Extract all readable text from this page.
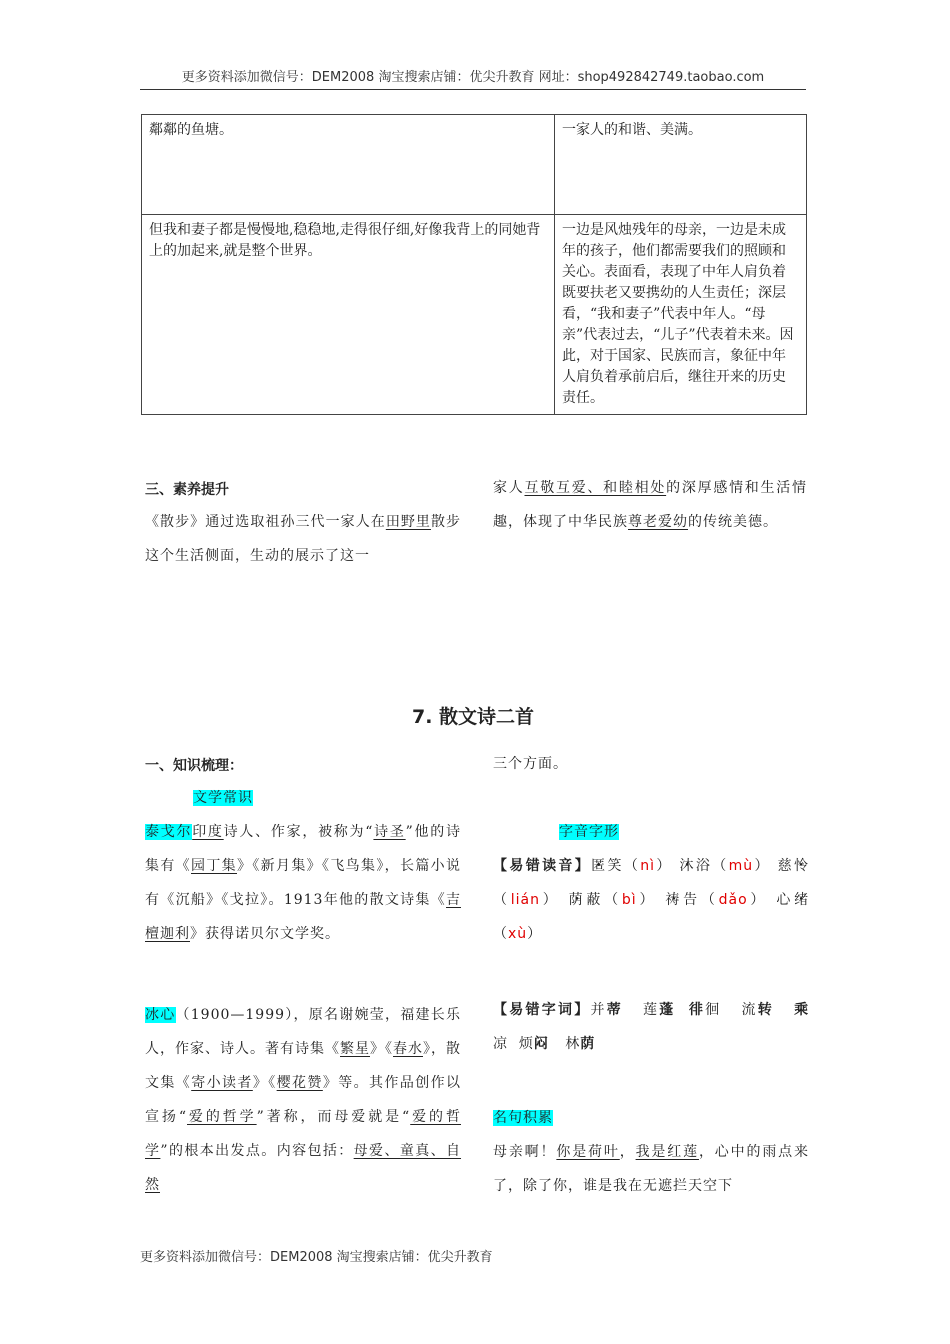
更多资料添加微信号：DEM2008 淘宝搜索店铺：优尖升教育 网址：shop492842749.taobao.com
鄰鄰的鱼塘。	一家人的和谐、美满。
但我和妻子都是慢慢地,稳稳地,走得很仔细,好像我背上的同她背上的加起来,就是整个世界。	一边是风烛残年的母亲，一边是未成年的孩子，他们都需要我们的照顾和关心。表面看，表现了中年人肩负着既要扶老又要携幼的人生责任；深层看，“我和妻子”代表中年人。“母亲”代表过去，“儿子”代表着未来。因此，对于国家、民族而言，象征中年人肩负着承前启后，继往开来的历史责任。
三、素养提升
《散步》通过选取祖孙三代一家人在田野里散步这个生活侧面，生动的展示了这一
家人互敬互爱、和睦相处的深厚感情和生活情趣，体现了中华民族尊老爱幼的传统美德。
7. 散文诗二首
一、知识梳理：
文学常识
泰戈尔印度诗人、作家，被称为“诗圣”他的诗集有《园丁集》《新月集》《飞鸟集》，长篇小说有《沉船》《戈拉》。1913年他的散文诗集《吉檀迦利》获得诺贝尔文学奖。
冰心（1900—1999），原名谢婉莹，福建长乐人，作家、诗人。著有诗集《繁星》《春水》，散文集《寄小读者》《樱花赞》等。其作品创作以宣扬“爱的哲学”著称，而母爱就是“爱的哲学”的根本出发点。内容包括：母爱、童真、自然
三个方面。
字音字形
【易错读音】匿 •笑（nì） 沐 •浴（mù） 慈怜 •（lián） 荫 •蔽（bì） 祷 •告（dǎo） 心绪 •（xù）
【易错字词】并蒂 莲蓬 徘徊 流转 乘凉 烦闷 林荫
名句积累
母亲啊！你是荷叶，我是红莲，心中的雨点来了，除了你，谁是我在无遮拦天空下
更多资料添加微信号：DEM2008 淘宝搜索店铺：优尖升教育
